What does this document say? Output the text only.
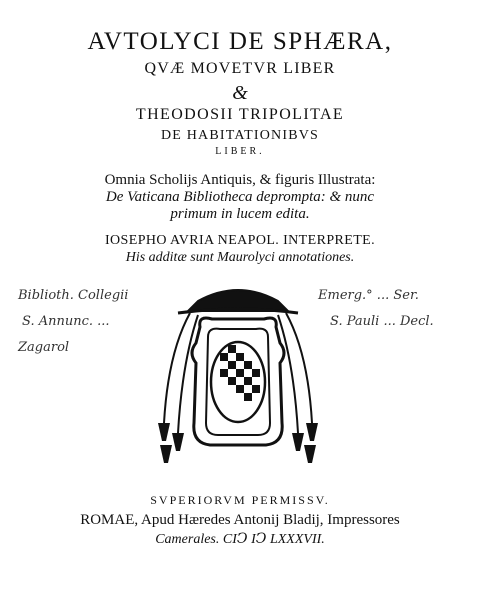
AVTOLYCI DE SPHÆRA,
QVÆ MOVETVR LIBER
&
THEODOSII TRIPOLITAE
DE HABITATIONIBVS
LIBER.
Omnia Scholijs Antiquis, & figuris Illustrata:
De Vaticana Bibliotheca deprompta: & nunc
primum in lucem edita.
IOSEPHO AVRIA NEAPOL. INTERPRETE.
His additæ sunt Maurolyci annotationes.
Biblioth. Collegii
S. Annunc. ...
Zagarol
Emerg.° ... Ser.
S. Pauli ... Decl.
SVPERIORVM PERMISSV.
ROMAE, Apud Hæredes Antonij Bladij, Impressores
Camerales. CIↃ IↃ LXXXVII.
